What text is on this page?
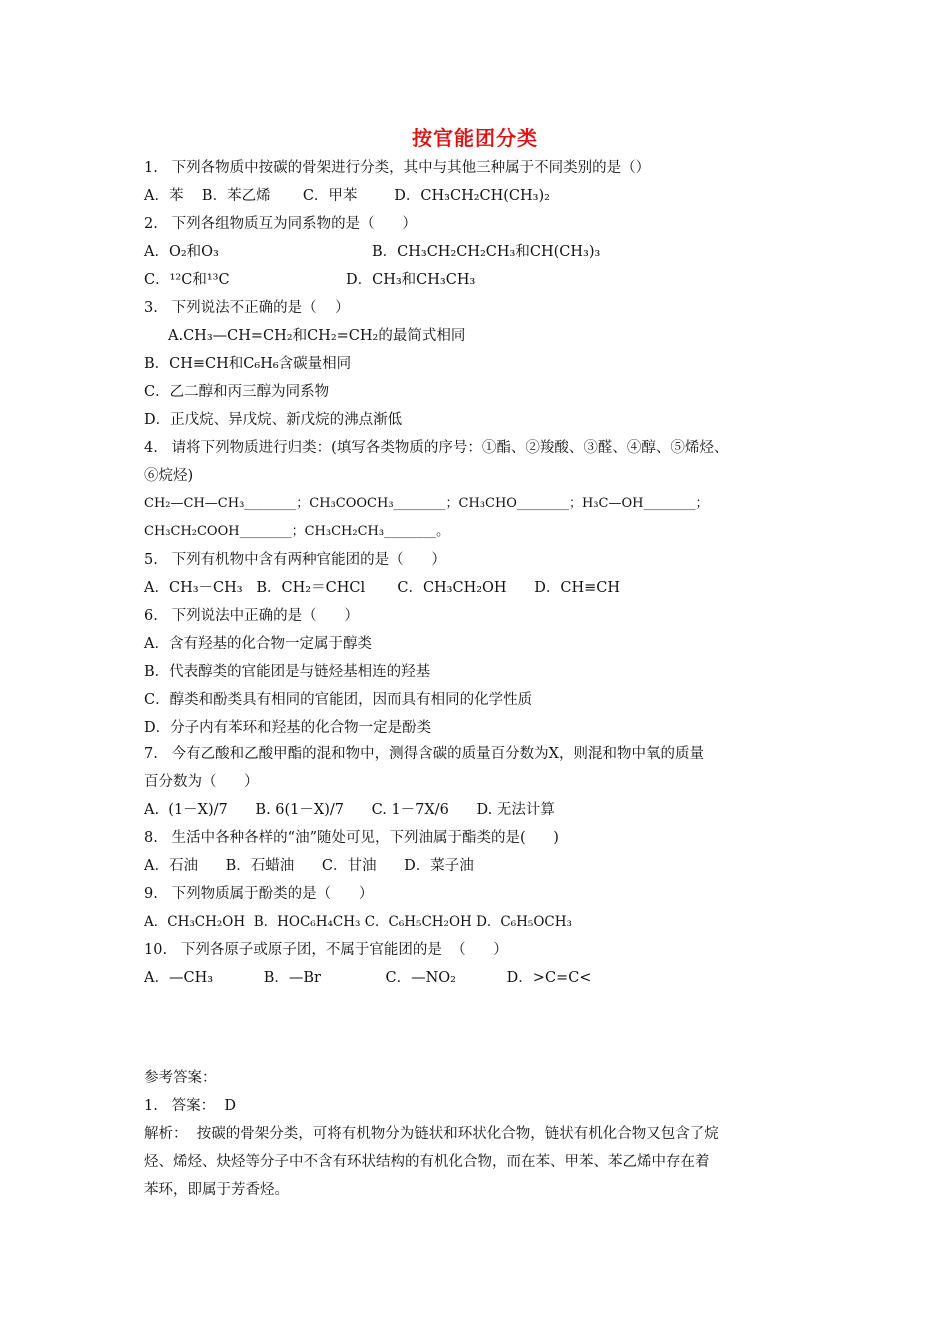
按官能团分类
1.   下列各物质中按碳的骨架进行分类，其中与其他三种属于不同类别的是（）
A．苯    B．苯乙烯       C．甲苯        D．CH₃CH₂CH(CH₃)₂
2.   下列各组物质互为同系物的是（      ）
A．O₂和O₃	B．CH₃CH₂CH₂CH₃和CH(CH₃)₃
C．¹²C和¹³C	D．CH₃和CH₃CH₃
3.   下列说法不正确的是（    ）
A.CH₃—CH=CH₂和CH₂=CH₂的最简式相同
B．CH≡CH和C₆H₆含碳量相同
C．乙二醇和丙三醇为同系物
D．正戊烷、异戊烷、新戊烷的沸点渐低
4.   请将下列物质进行归类：(填写各类物质的序号：①酯、②羧酸、③醛、④醇、⑤烯烃、
⑥烷烃)
CH₂—CH—CH₃________；CH₃COOCH₃________；CH₃CHO________；H₃C—OH________；
CH₃CH₂COOH________；CH₃CH₂CH₃________。
5.   下列有机物中含有两种官能团的是（      ）
A．CH₃－CH₃   B．CH₂＝CHCl       C．CH₃CH₂OH      D．CH≡CH
6.   下列说法中正确的是（      ）
A．含有羟基的化合物一定属于醇类
B．代表醇类的官能团是与链烃基相连的羟基
C．醇类和酚类具有相同的官能团，因而具有相同的化学性质
D．分子内有苯环和羟基的化合物一定是酚类
7.   今有乙酸和乙酸甲酯的混和物中，测得含碳的质量百分数为X，则混和物中氧的质量
百分数为（      ）
A.  (1－X)/7      B. 6(1－X)/7      C. 1－7X/6      D. 无法计算
8.   生活中各种各样的“油”随处可见，下列油属于酯类的是(      )
A．石油      B．石蜡油      C．甘油      D．菜子油
9.   下列物质属于酚类的是（      ）
A．CH₃CH₂OH  B．HOC₆H₄CH₃ C．C₆H₅CH₂OH D．C₆H₅OCH₃
10.   下列各原子或原子团，不属于官能团的是  （      ）
A．—CH₃           B．—Br              C．—NO₂           D．>C=C<
参考答案：
1.   答案：  D
解析：  按碳的骨架分类，可将有机物分为链状和环状化合物，链状有机化合物又包含了烷
烃、烯烃、炔烃等分子中不含有环状结构的有机化合物，而在苯、甲苯、苯乙烯中存在着
苯环，即属于芳香烃。
